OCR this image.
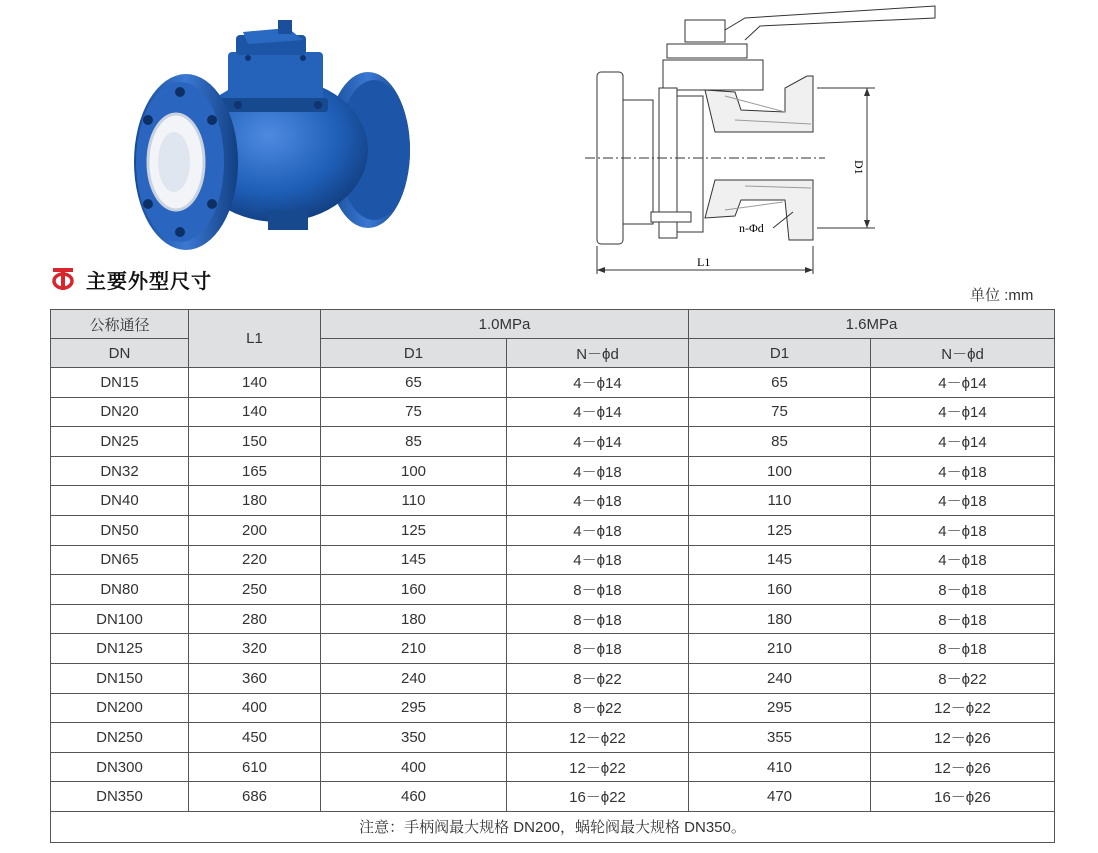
D1
L1
n-Φd
主要外型尺寸
单位 :mm
公称通径	L1	1.0MPa		1.6MPa	
DN		D1	N－ϕd	D1	N－ϕd
DN15	140	65	4－ϕ14	65	4－ϕ14
DN20	140	75	4－ϕ14	75	4－ϕ14
DN25	150	85	4－ϕ14	85	4－ϕ14
DN32	165	100	4－ϕ18	100	4－ϕ18
DN40	180	110	4－ϕ18	110	4－ϕ18
DN50	200	125	4－ϕ18	125	4－ϕ18
DN65	220	145	4－ϕ18	145	4－ϕ18
DN80	250	160	8－ϕ18	160	8－ϕ18
DN100	280	180	8－ϕ18	180	8－ϕ18
DN125	320	210	8－ϕ18	210	8－ϕ18
DN150	360	240	8－ϕ22	240	8－ϕ22
DN200	400	295	8－ϕ22	295	12－ϕ22
DN250	450	350	12－ϕ22	355	12－ϕ26
DN300	610	400	12－ϕ22	410	12－ϕ26
DN350	686	460	16－ϕ22	470	16－ϕ26
注意：手柄阀最大规格 DN200，蜗轮阀最大规格 DN350。					
